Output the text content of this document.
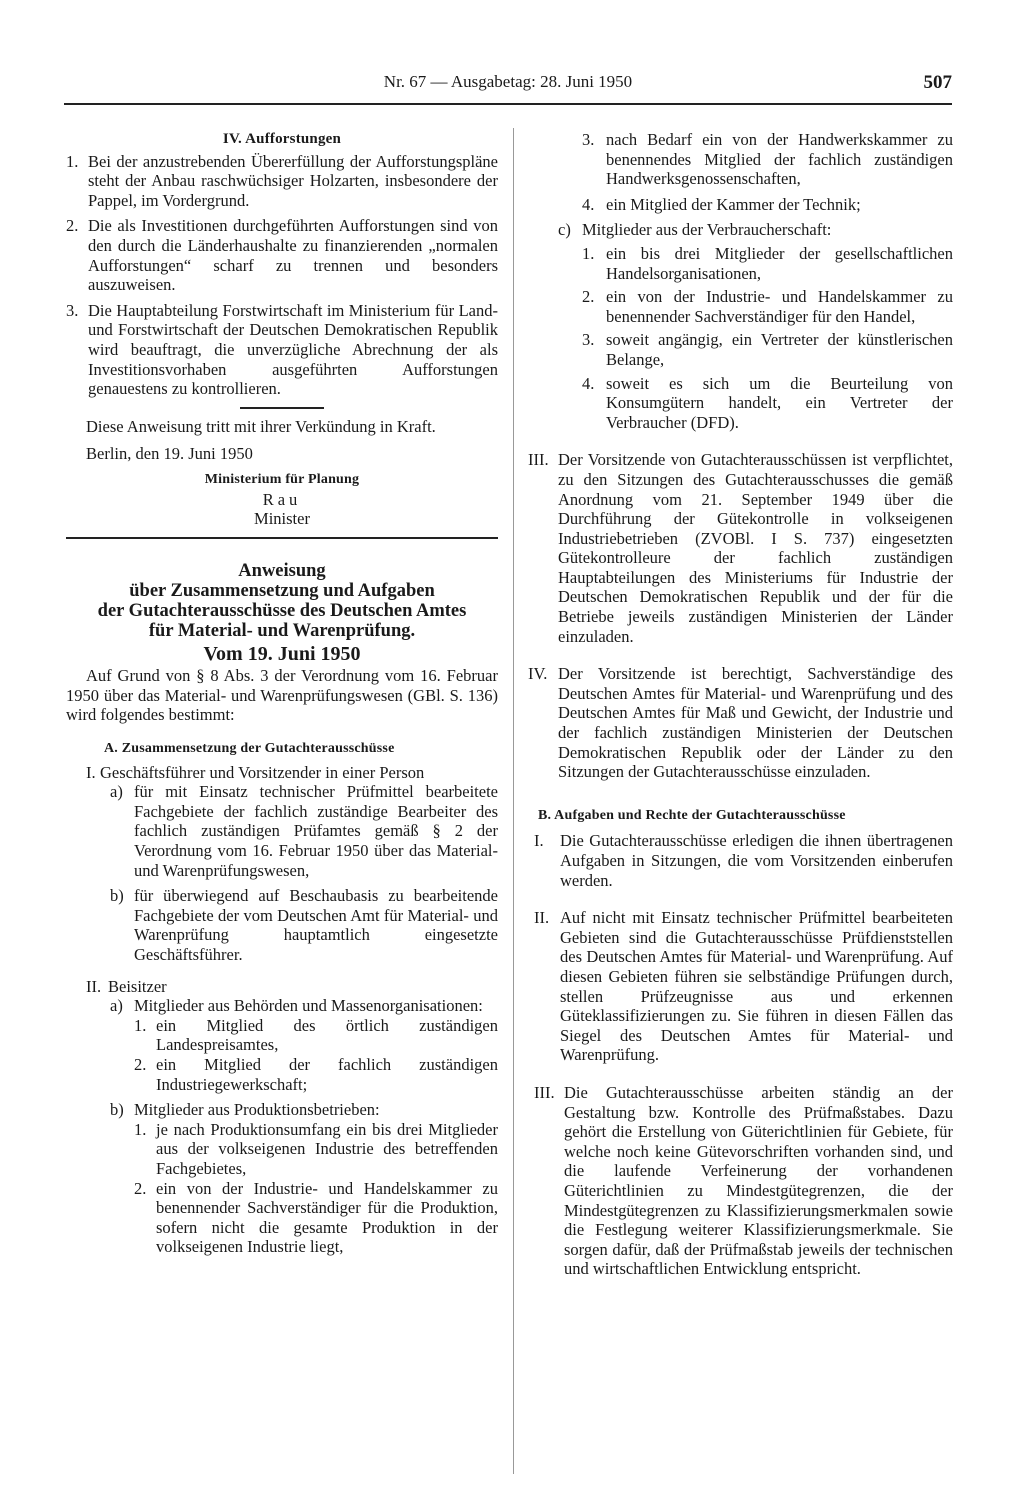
Nr. 67 — Ausgabetag: 28. Juni 1950	507

IV. Aufforstungen

1. Bei der anzustrebenden Übererfüllung der Aufforstungspläne steht der Anbau raschwüchsiger Holzarten, insbesondere der Pappel, im Vordergrund.
2. Die als Investitionen durchgeführten Aufforstungen sind von den durch die Länderhaushalte zu finanzierenden „normalen Aufforstungen“ scharf zu trennen und besonders auszuweisen.
3. Die Hauptabteilung Forstwirtschaft im Ministerium für Land- und Forstwirtschaft der Deutschen Demokratischen Republik wird beauftragt, die unverzügliche Abrechnung der als Investitionsvorhaben ausgeführten Aufforstungen genauestens zu kontrollieren.

Diese Anweisung tritt mit ihrer Verkündung in Kraft.

Berlin, den 19. Juni 1950

Ministerium für Planung

Rau

Minister

Anweisung

über Zusammensetzung und Aufgaben

der Gutachterausschüsse des Deutschen Amtes

für Material- und Warenprüfung.

Vom 19. Juni 1950

Auf Grund von § 8 Abs. 3 der Verordnung vom 16. Februar 1950 über das Material- und Warenprüfungswesen (GBl. S. 136) wird folgendes bestimmt:

A. Zusammensetzung der Gutachterausschüsse

I. Geschäftsführer und Vorsitzender in einer Person
a) für mit Einsatz technischer Prüfmittel bearbeitete Fachgebiete der fachlich zuständige Bearbeiter des fachlich zuständigen Prüfamtes gemäß § 2 der Verordnung vom 16. Februar 1950 über das Material- und Warenprüfungswesen,
b) für überwiegend auf Beschaubasis zu bearbeitende Fachgebiete der vom Deutschen Amt für Material- und Warenprüfung hauptamtlich eingesetzte Geschäftsführer.
II. Beisitzer
a) Mitglieder aus Behörden und Massenorganisationen:
1. ein Mitglied des örtlich zuständigen Landespreisamtes,
2. ein Mitglied der fachlich zuständigen Industriegewerkschaft;
b) Mitglieder aus Produktionsbetrieben:
1. je nach Produktionsumfang ein bis drei Mitglieder aus der volkseigenen Industrie des betreffenden Fachgebietes,
2. ein von der Industrie- und Handelskammer zu benennender Sachverständiger für die Produktion, sofern nicht die gesamte Produktion in der volkseigenen Industrie liegt,
3. nach Bedarf ein von der Handwerkskammer zu benennendes Mitglied der fachlich zuständigen Handwerksgenossenschaften,
4. ein Mitglied der Kammer der Technik;
c) Mitglieder aus der Verbraucherschaft:
1. ein bis drei Mitglieder der gesellschaftlichen Handelsorganisationen,
2. ein von der Industrie- und Handelskammer zu benennender Sachverständiger für den Handel,
3. soweit angängig, ein Vertreter der künstlerischen Belange,
4. soweit es sich um die Beurteilung von Konsumgütern handelt, ein Vertreter der Verbraucher (DFD).
III. Der Vorsitzende von Gutachterausschüssen ist verpflichtet, zu den Sitzungen des Gutachterausschusses die gemäß Anordnung vom 21. September 1949 über die Durchführung der Gütekontrolle in volkseigenen Industriebetrieben (ZVOBl. I S. 737) eingesetzten Gütekontrolleure der fachlich zuständigen Hauptabteilungen des Ministeriums für Industrie der Deutschen Demokratischen Republik und der für die Betriebe jeweils zuständigen Ministerien der Länder einzuladen.
IV. Der Vorsitzende ist berechtigt, Sachverständige des Deutschen Amtes für Material- und Warenprüfung und des Deutschen Amtes für Maß und Gewicht, der Industrie und der fachlich zuständigen Ministerien der Deutschen Demokratischen Republik oder der Länder zu den Sitzungen der Gutachterausschüsse einzuladen.

B. Aufgaben und Rechte der Gutachterausschüsse

I. Die Gutachterausschüsse erledigen die ihnen übertragenen Aufgaben in Sitzungen, die vom Vorsitzenden einberufen werden.
II. Auf nicht mit Einsatz technischer Prüfmittel bearbeiteten Gebieten sind die Gutachterausschüsse Prüfdienststellen des Deutschen Amtes für Material- und Warenprüfung. Auf diesen Gebieten führen sie selbständige Prüfungen durch, stellen Prüfzeugnisse aus und erkennen Güteklassifizierungen zu. Sie führen in diesen Fällen das Siegel des Deutschen Amtes für Material- und Warenprüfung.
III. Die Gutachterausschüsse arbeiten ständig an der Gestaltung bzw. Kontrolle des Prüfmaßstabes. Dazu gehört die Erstellung von Güterichtlinien für Gebiete, für welche noch keine Gütevorschriften vorhanden sind, und die laufende Verfeinerung der vorhandenen Güterichtlinien zu Mindestgütegrenzen, die der Mindestgütegrenzen zu Klassifizierungsmerkmalen sowie die Festlegung weiterer Klassifizierungsmerkmale. Sie sorgen dafür, daß der Prüfmaßstab jeweils der technischen und wirtschaftlichen Entwicklung entspricht.
